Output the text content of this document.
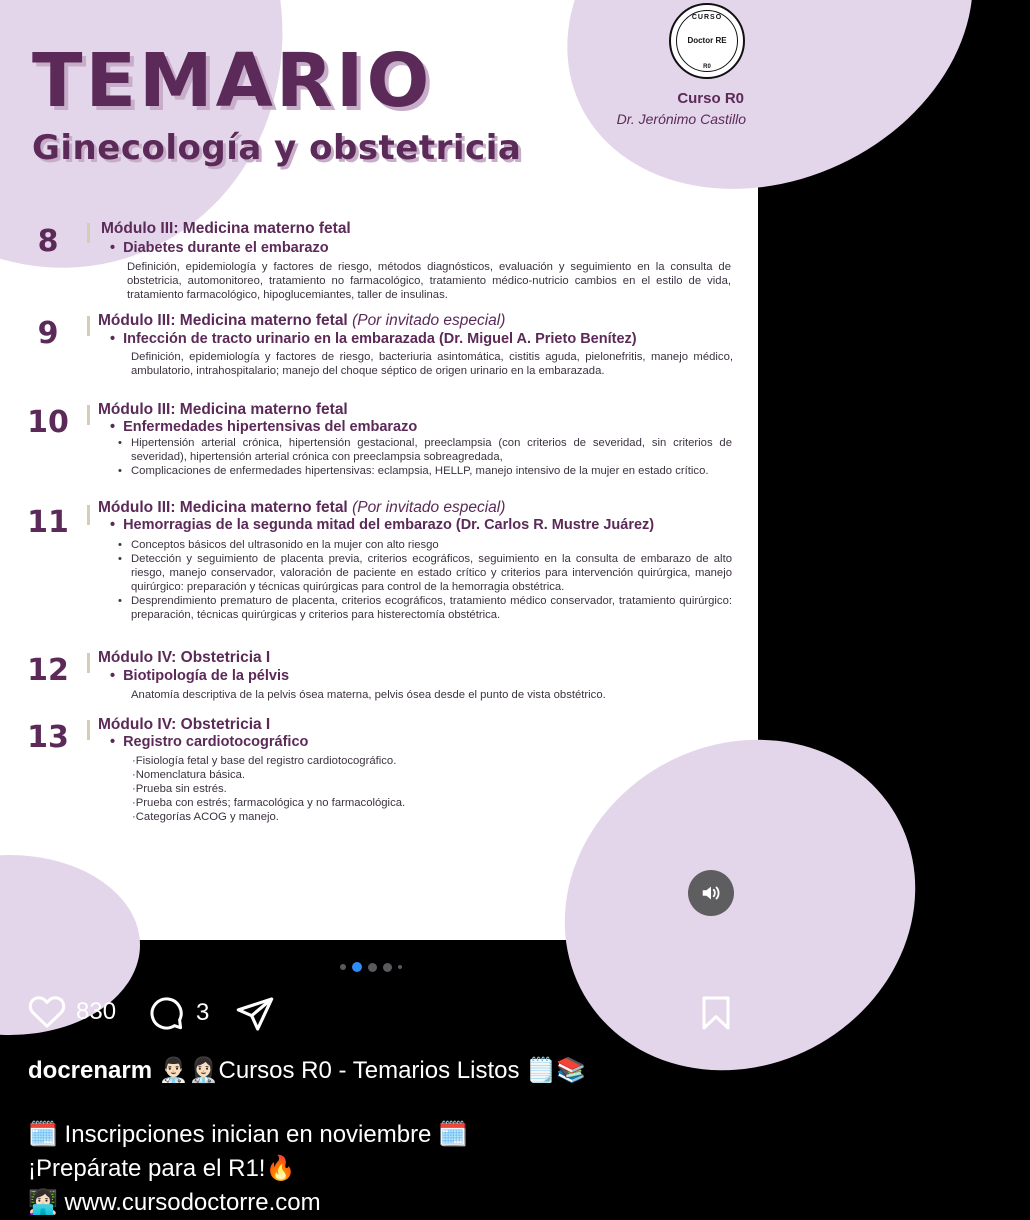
TEMARIO
Ginecología y obstetricia
CURSO
Doctor RE
R0
Curso R0
Dr. Jerónimo Castillo
8	Módulo III: Medicina materno fetal
• Diabetes durante el embarazo
Definición, epidemiología y factores de riesgo, métodos diagnósticos, evaluación y seguimiento en la consulta de obstetricia, automonitoreo, tratamiento no farmacológico, tratamiento médico-nutricio cambios en el estilo de vida, tratamiento farmacológico, hipoglucemiantes, taller de insulinas.
9	Módulo III: Medicina materno fetal (Por invitado especial)
• Infección de tracto urinario en la embarazada (Dr. Miguel A. Prieto Benítez)
Definición, epidemiología y factores de riesgo, bacteriuria asintomática, cistitis aguda, pielonefritis, manejo médico, ambulatorio, intrahospitalario; manejo del choque séptico de origen urinario en la embarazada.
10	Módulo III: Medicina materno fetal
• Enfermedades hipertensivas del embarazo
• Hipertensión arterial crónica, hipertensión gestacional, preeclampsia (con criterios de severidad, sin criterios de severidad), hipertensión arterial crónica con preeclampsia sobreagredada,
• Complicaciones de enfermedades hipertensivas: eclampsia, HELLP, manejo intensivo de la mujer en estado crítico.
11	Módulo III: Medicina materno fetal (Por invitado especial)
• Hemorragias de la segunda mitad del embarazo (Dr. Carlos R. Mustre Juárez)
• Conceptos básicos del ultrasonido en la mujer con alto riesgo
• Detección y seguimiento de placenta previa, criterios ecográficos, seguimiento en la consulta de embarazo de alto riesgo, manejo conservador, valoración de paciente en estado crítico y criterios para intervención quirúrgica, manejo quirúrgico: preparación y técnicas quirúrgicas para control de la hemorragia obstétrica.
• Desprendimiento prematuro de placenta, criterios ecográficos, tratamiento médico conservador, tratamiento quirúrgico: preparación, técnicas quirúrgicas y criterios para histerectomía obstétrica.
12	Módulo IV: Obstetricia I
• Biotipología de la pélvis
Anatomía descriptiva de la pelvis ósea materna, pelvis ósea desde el punto de vista obstétrico.
13	Módulo IV: Obstetricia I
• Registro cardiotocográfico
·Fisiología fetal y base del registro cardiotocográfico.
·Nomenclatura básica.
·Prueba sin estrés.
·Prueba con estrés; farmacológica y no farmacológica.
·Categorías ACOG y manejo.
830	3
docrenarm 👨🏻‍⚕️👩🏻‍⚕️Cursos R0 - Temarios Listos 🗒️📚
🗓️ Inscripciones inician en noviembre 🗓️
¡Prepárate para el R1!🔥
👩🏻‍💻 www.cursodoctorre.com
